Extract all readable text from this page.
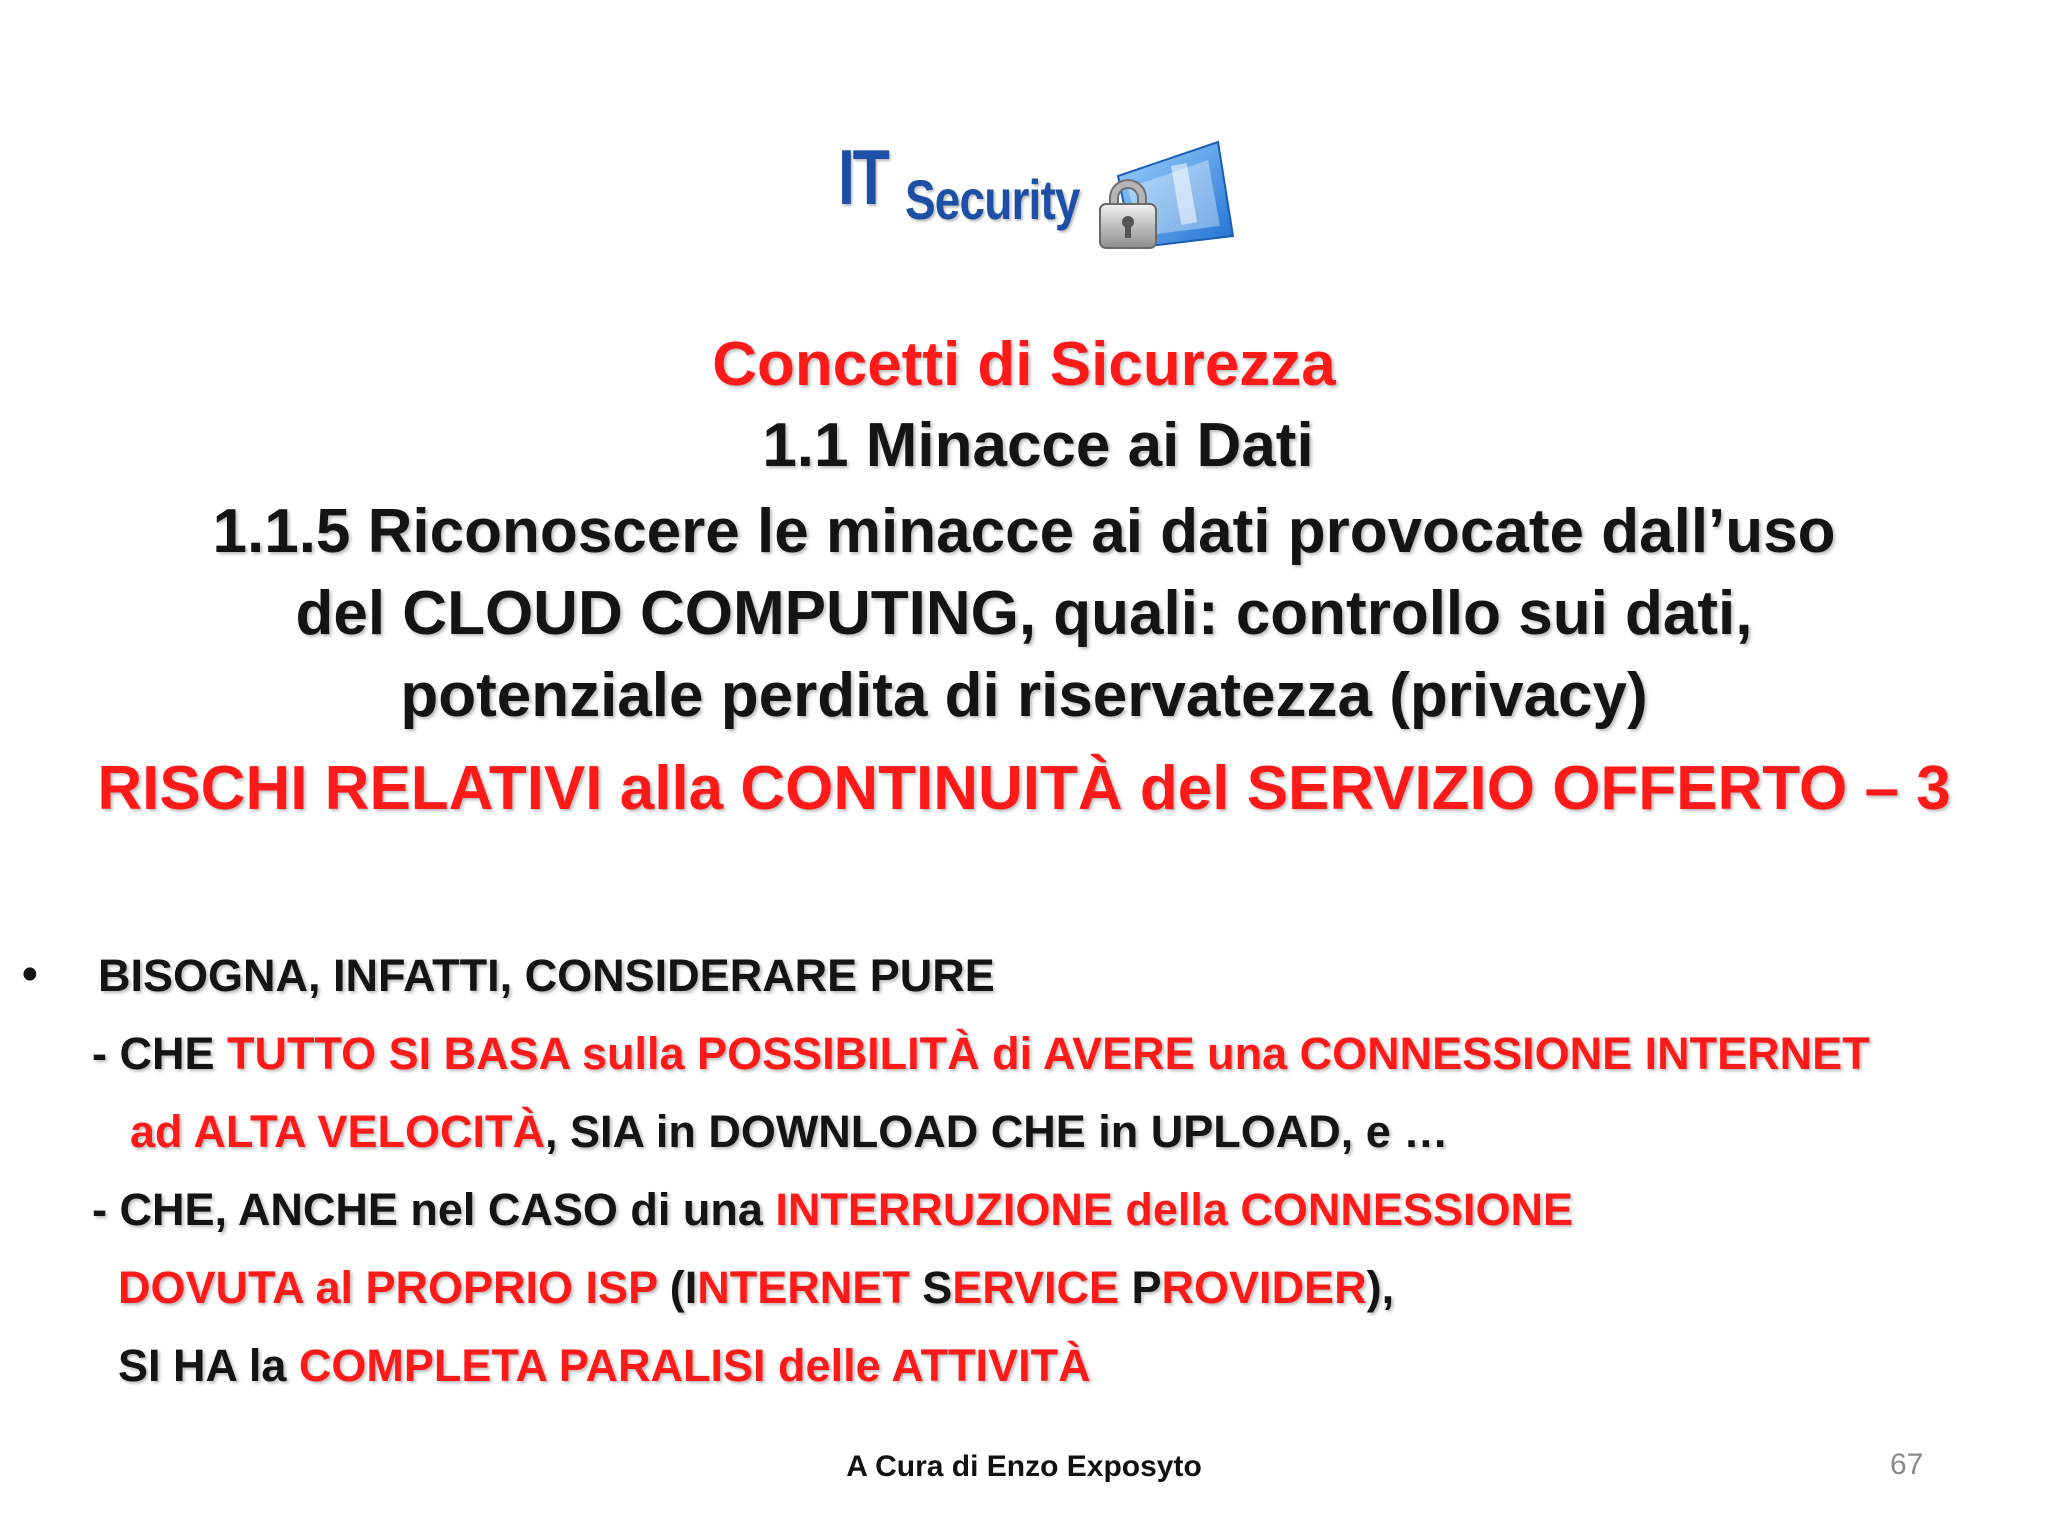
IT Security
Concetti di Sicurezza
1.1 Minacce ai Dati
1.1.5 Riconoscere le minacce ai dati provocate dall’uso
del CLOUD COMPUTING, quali: controllo sui dati,
potenziale perdita di riservatezza (privacy)
RISCHI RELATIVI alla CONTINUITÀ del SERVIZIO OFFERTO – 3
• BISOGNA, INFATTI, CONSIDERARE PURE
- CHE TUTTO SI BASA sulla POSSIBILITÀ di AVERE una CONNESSIONE INTERNET
ad ALTA VELOCITÀ, SIA in DOWNLOAD CHE in UPLOAD, e …
- CHE, ANCHE nel CASO di una INTERRUZIONE della CONNESSIONE
DOVUTA al PROPRIO ISP (INTERNET SERVICE PROVIDER),
SI HA la COMPLETA PARALISI delle ATTIVITÀ
A Cura di Enzo Exposyto	67
